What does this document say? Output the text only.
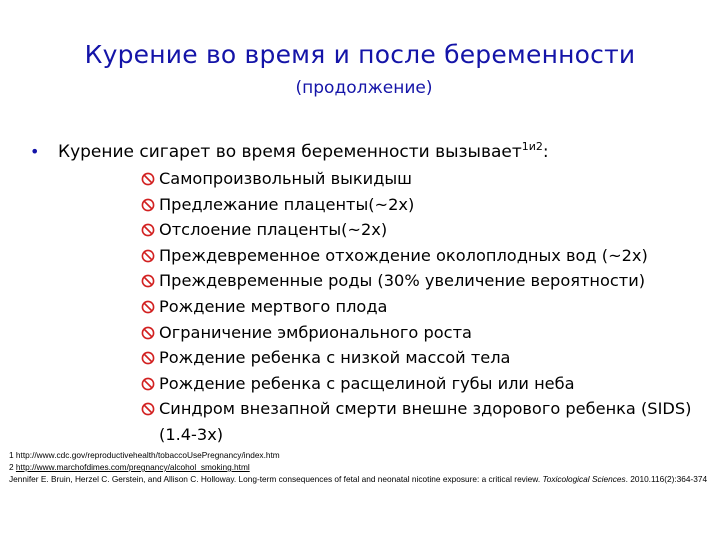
Курение во время и после беременности
(продолжение)
• Курение сигарет во время беременности вызывает$^{1и2}$:
Самопроизвольный выкидыш
Предлежание плаценты(~2x)
Отслоение плаценты(~2x)
Преждевременное отхождение околоплодных вод (~2x)
Преждевременные роды (30% увеличение вероятности)
Рождение мертвого плода
Ограничение эмбрионального роста
Рождение ребенка с низкой массой тела
Рождение ребенка с расщелиной губы или неба
Синдром внезапной смерти внешне здорового ребенка (SIDS) (1.4-3x)
1 http://www.cdc.gov/reproductivehealth/tobaccoUsePregnancy/index.htm
2 http://www.marchofdimes.com/pregnancy/alcohol_smoking.html
Jennifer E. Bruin, Herzel C. Gerstein, and Allison C. Holloway. Long-term consequences of fetal and neonatal nicotine exposure: a critical review. Toxicological Sciences. 2010.116(2):364-374
